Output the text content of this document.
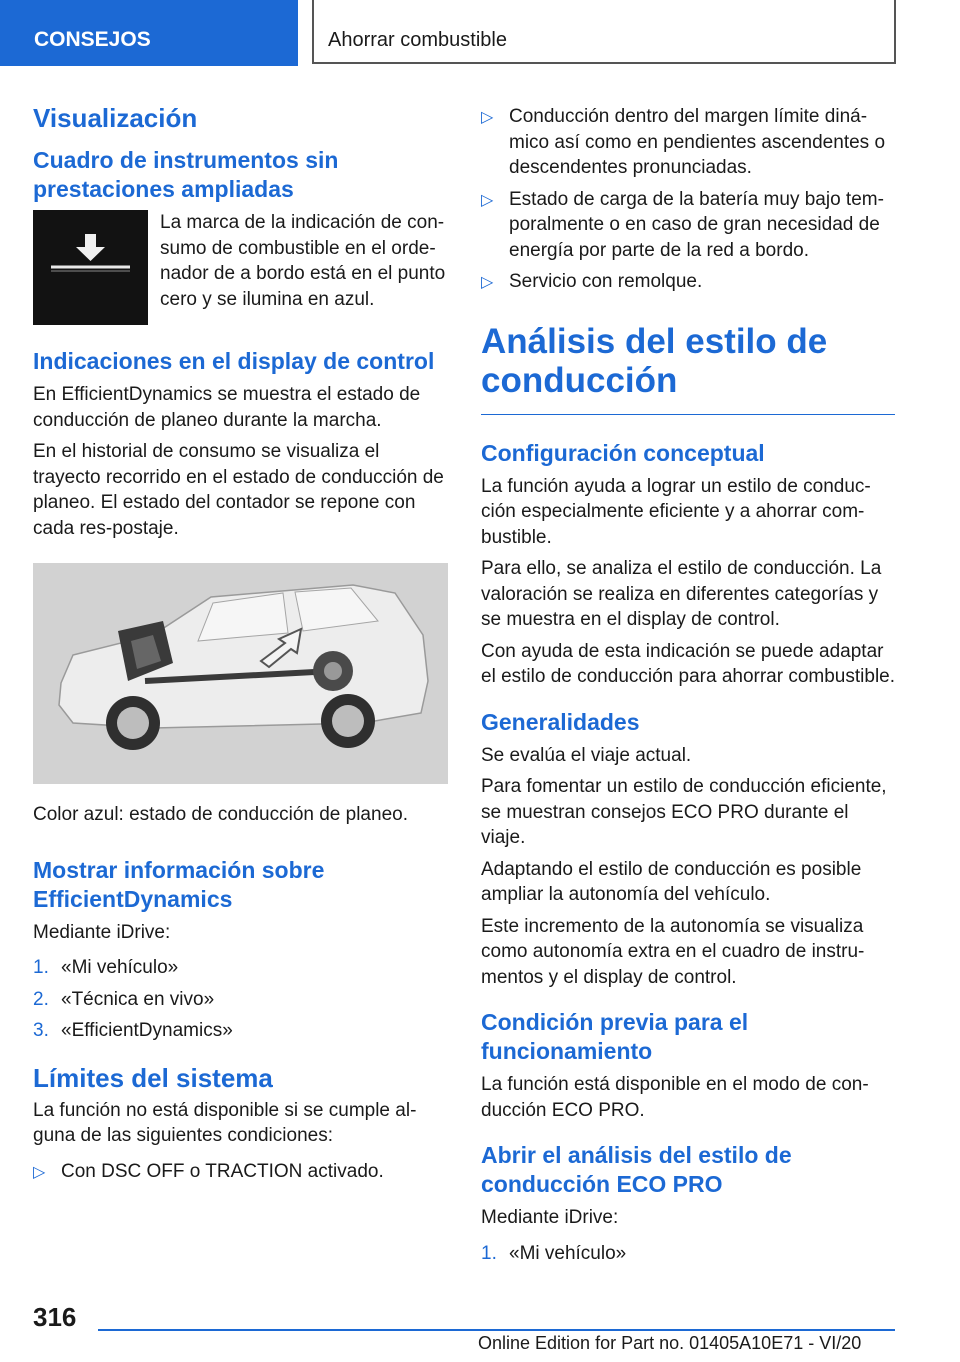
CONSEJOS	Ahorrar combustible
Visualización
Cuadro de instrumentos sin prestaciones ampliadas
La marca de la indicación de con-sumo de combustible en el orde-nador de a bordo está en el punto cero y se ilumina en azul.
Indicaciones en el display de control

En EfficientDynamics se muestra el estado de conducción de planeo durante la marcha.

En el historial de consumo se visualiza el trayecto recorrido en el estado de conducción de planeo. El estado del contador se repone con cada res-postaje.

Color azul: estado de conducción de planeo.

Mostrar información sobre EfficientDynamics

Mediante iDrive:

1. «Mi vehículo»
2. «Técnica en vivo»
3. «EfficientDynamics»
Límites del sistema

La función no está disponible si se cumple al-guna de las siguientes condiciones:

▷ Con DSC OFF o TRACTION activado.
▷ Conducción dentro del margen límite diná-mico así como en pendientes ascendentes o descendentes pronunciadas.
▷ Estado de carga de la batería muy bajo tem-poralmente o en caso de gran necesidad de energía por parte de la red a bordo.
▷ Servicio con remolque.
Análisis del estilo de conducción
Configuración conceptual

La función ayuda a lograr un estilo de conduc-ción especialmente eficiente y a ahorrar com-bustible.

Para ello, se analiza el estilo de conducción. La valoración se realiza en diferentes categorías y se muestra en el display de control.

Con ayuda de esta indicación se puede adaptar el estilo de conducción para ahorrar combustible.

Generalidades

Se evalúa el viaje actual.

Para fomentar un estilo de conducción eficiente, se muestran consejos ECO PRO durante el viaje.

Adaptando el estilo de conducción es posible ampliar la autonomía del vehículo.

Este incremento de la autonomía se visualiza como autonomía extra en el cuadro de instru-mentos y el display de control.

Condición previa para el funcionamiento

La función está disponible en el modo de con-ducción ECO PRO.

Abrir el análisis del estilo de conducción ECO PRO

Mediante iDrive:

1. «Mi vehículo»
316
Online Edition for Part no. 01405A10E71 - VI/20
